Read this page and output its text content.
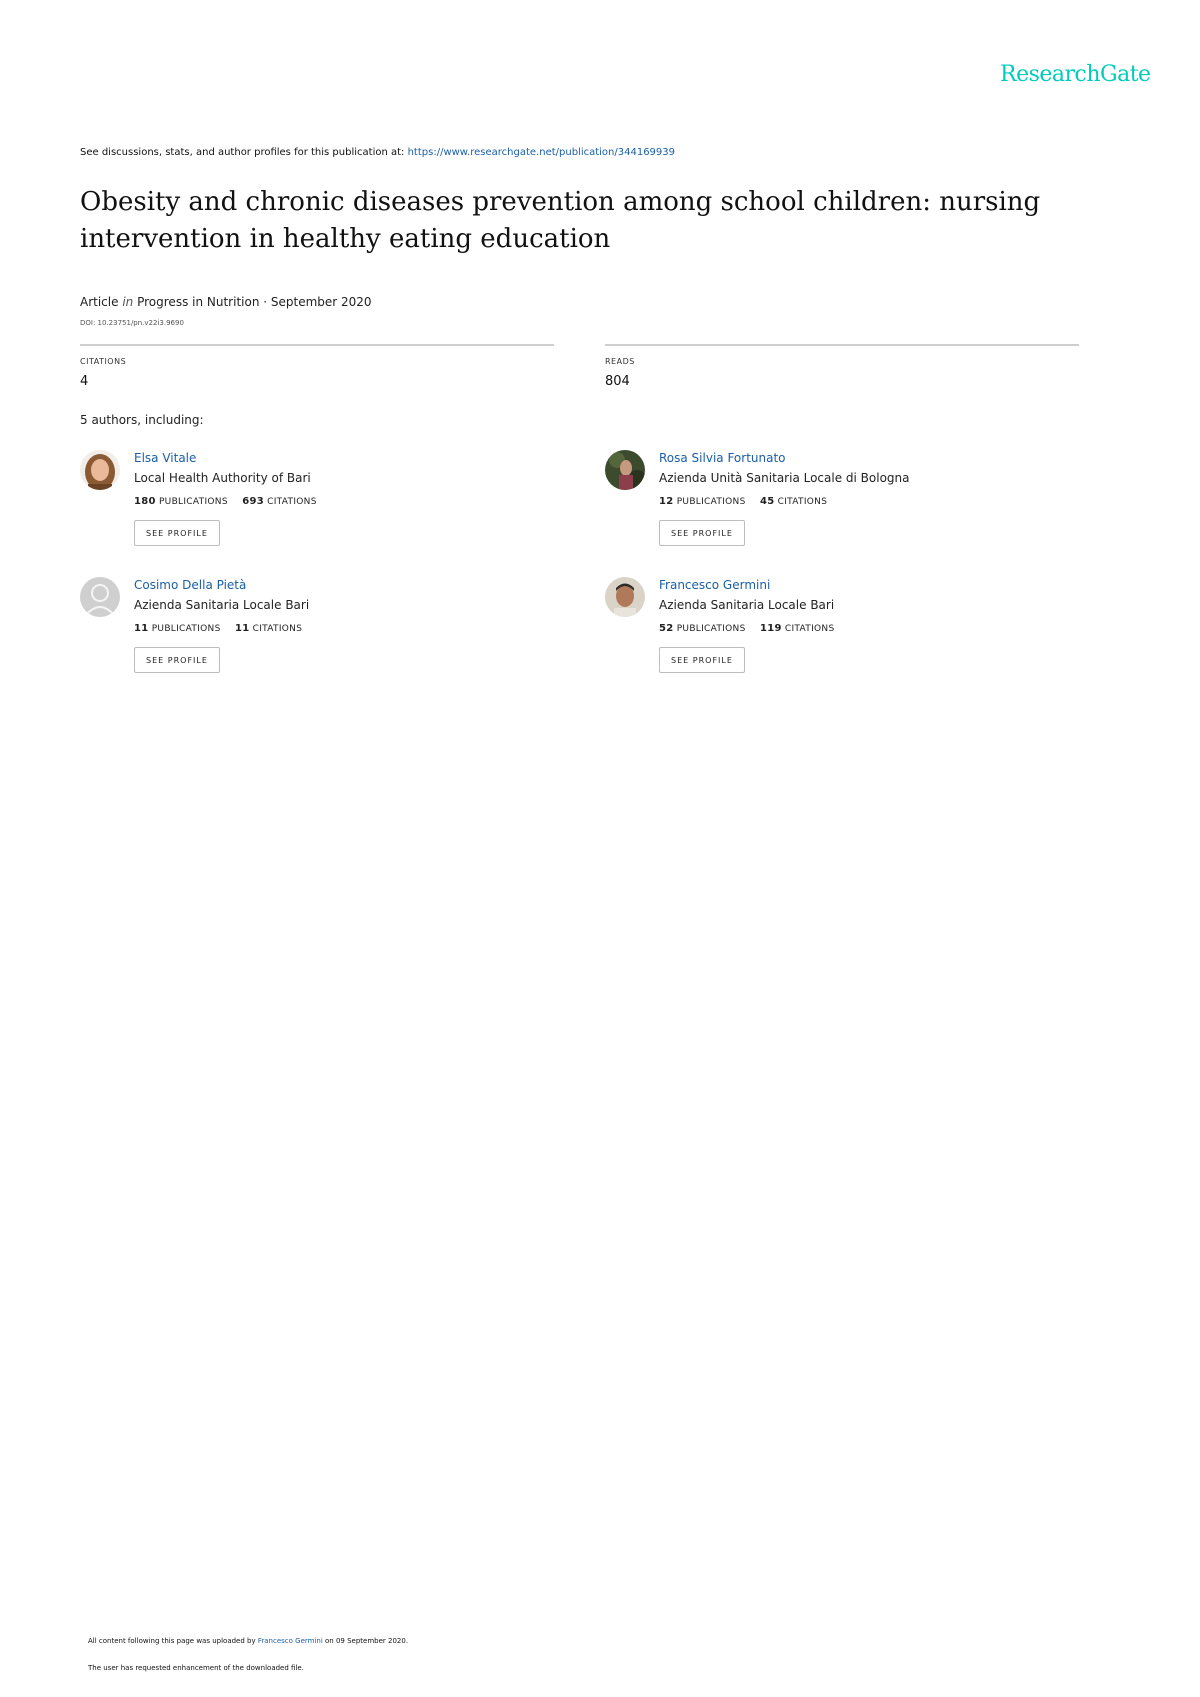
ResearchGate
See discussions, stats, and author profiles for this publication at: https://www.researchgate.net/publication/344169939
Obesity and chronic diseases prevention among school children: nursing intervention in healthy eating education
Article in Progress in Nutrition · September 2020
DOI: 10.23751/pn.v22i3.9690
CITATIONS
4
READS
804
5 authors, including:
Elsa Vitale
Local Health Authority of Bari
180 PUBLICATIONS 693 CITATIONS
SEE PROFILE
Rosa Silvia Fortunato
Azienda Unità Sanitaria Locale di Bologna
12 PUBLICATIONS 45 CITATIONS
SEE PROFILE
Cosimo Della Pietà
Azienda Sanitaria Locale Bari
11 PUBLICATIONS 11 CITATIONS
SEE PROFILE
Francesco Germini
Azienda Sanitaria Locale Bari
52 PUBLICATIONS 119 CITATIONS
SEE PROFILE
All content following this page was uploaded by Francesco Germini on 09 September 2020.
The user has requested enhancement of the downloaded file.
